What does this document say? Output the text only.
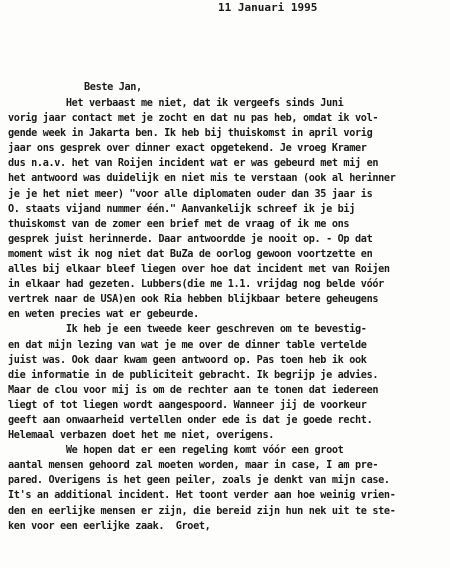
11 Januari 1995
Beste Jan,
Het verbaast me niet, dat ik vergeefs sinds Juni
vorig jaar contact met je zocht en dat nu pas heb, omdat ik vol-
gende week in Jakarta ben. Ik heb bij thuiskomst in april vorig
jaar ons gesprek over dinner exact opgetekend. Je vroeg Kramer
dus n.a.v. het van Roijen incident wat er was gebeurd met mij en
het antwoord was duidelijk en niet mis te verstaan (ook al herinner
je je het niet meer) "voor alle diplomaten ouder dan 35 jaar is
O. staats vijand nummer één." Aanvankelijk schreef ik je bij
thuiskomst van de zomer een brief met de vraag of ik me ons
gesprek juist herinnerde. Daar antwoordde je nooit op. - Op dat
moment wist ik nog niet dat BuZa de oorlog gewoon voortzette en
alles bij elkaar bleef liegen over hoe dat incident met van Roijen
in elkaar had gezeten. Lubbers(die me 1.1. vrijdag nog belde vóór
vertrek naar de USA)en ook Ria hebben blijkbaar betere geheugens
en weten precies wat er gebeurde.
Ik heb je een tweede keer geschreven om te bevestig-
en dat mijn lezing van wat je me over de dinner table vertelde
juist was. Ook daar kwam geen antwoord op. Pas toen heb ik ook
die informatie in de publiciteit gebracht. Ik begrijp je advies.
Maar de clou voor mij is om de rechter aan te tonen dat iedereen
liegt of tot liegen wordt aangespoord. Wanneer jij de voorkeur
geeft aan onwaarheid vertellen onder ede is dat je goede recht.
Helemaal verbazen doet het me niet, overigens.
We hopen dat er een regeling komt vóór een groot
aantal mensen gehoord zal moeten worden, maar in case, I am pre-
pared. Overigens is het geen peiler, zoals je denkt van mijn case.
It's an additional incident. Het toont verder aan hoe weinig vrien-
den en eerlijke mensen er zijn, die bereid zijn hun nek uit te ste-
ken voor een eerlijke zaak.  Groet,
